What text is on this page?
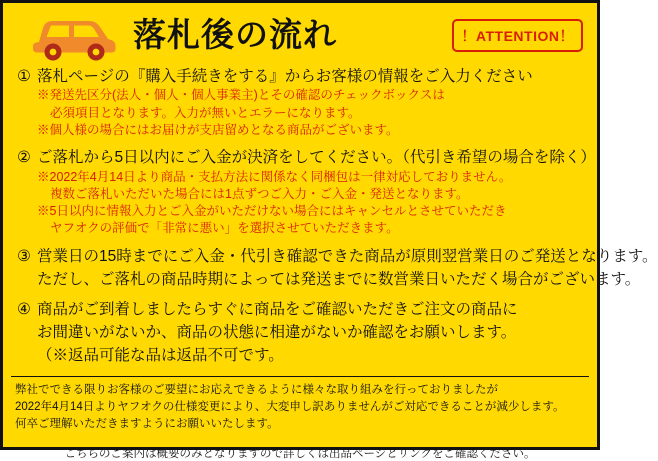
落札後の流れ	！ATTENTION！
① 落札ページの『購入手続きをする』からお客様の情報をご入力ください
※発送先区分(法人・個人・個人事業主)とその確認のチェックボックスは
必須項目となります。入力が無いとエラーになります。
※個人様の場合にはお届けが支店留めとなる商品がございます。
② ご落札から5日以内にご入金が決済をしてください。（代引き希望の場合を除く）
※2022年4月14日より商品・支払方法に関係なく同梱包は一律対応しておりません。
複数ご落札いただいた場合には1点ずつご入力・ご入金・発送となります。
※5日以内に情報入力とご入金がいただけない場合にはキャンセルとさせていただき
ヤフオクの評価で「非常に悪い」を選択させていただきます。
③ 営業日の15時までにご入金・代引き確認できた商品が原則翌営業日のご発送となります。
ただし、ご落札の商品時期によっては発送までに数営業日いただく場合がございます。
④ 商品がご到着しましたらすぐに商品をご確認いただきご注文の商品に
お間違いがないか、商品の状態に相違がないか確認をお願いします。
（※返品可能な品は返品不可です。
弊社でできる限りお客様のご要望にお応えできるように様々な取り組みを行っておりましたが
2022年4月14日よりヤフオクの仕様変更により、大変申し訳ありませんがご対応できることが減少します。
何卒ご理解いただきますようにお願いいたします。
こちらのご案内は概要のみとなりますので詳しくは出品ページとリンクをご確認ください。
